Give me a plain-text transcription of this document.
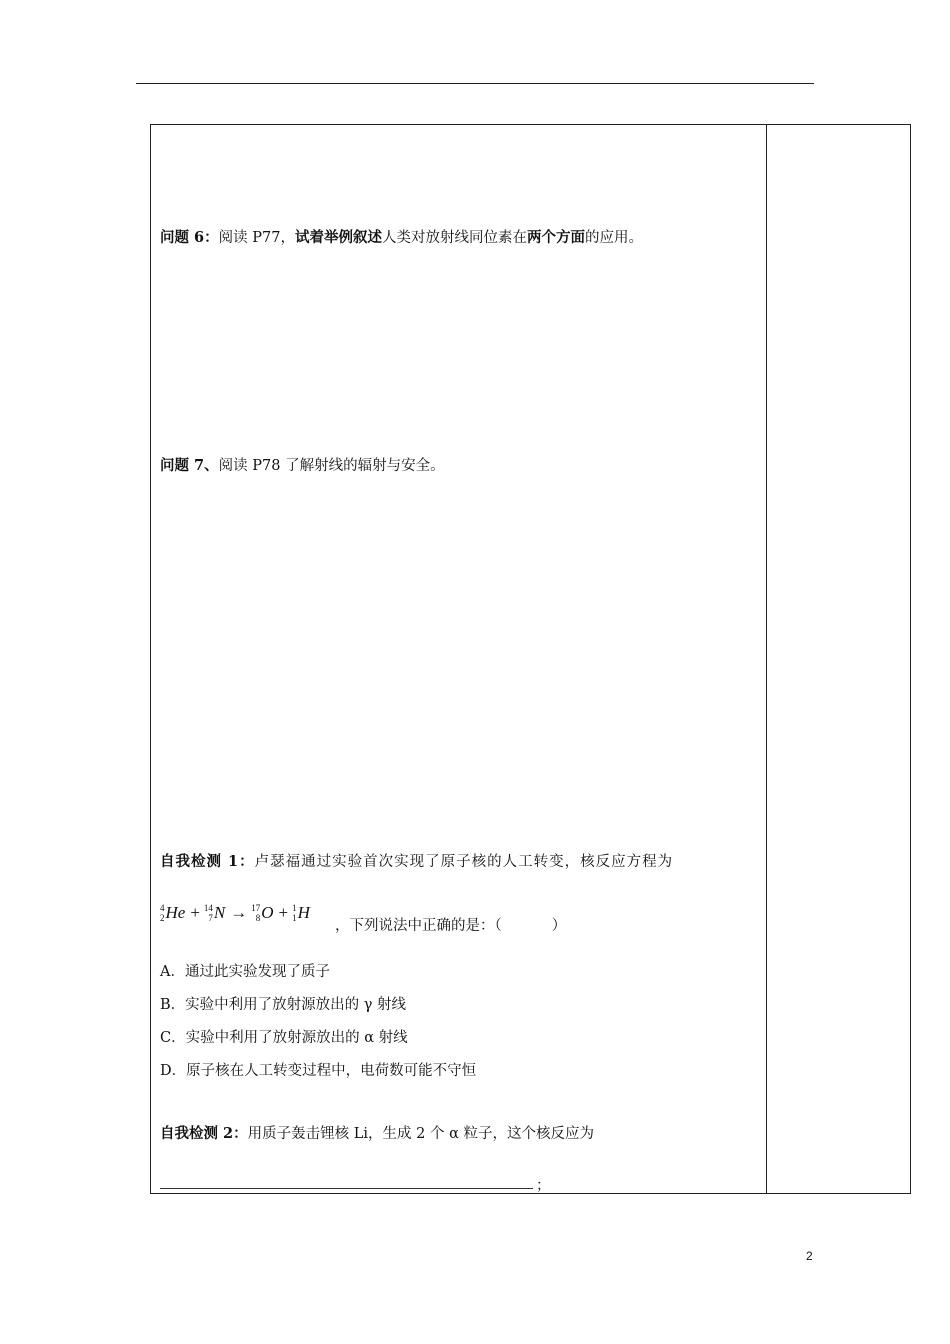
问题 6：阅读 P77，试着举例叙述人类对放射线同位素在两个方面的应用。
问题 7、阅读 P78 了解射线的辐射与安全。
自我检测 1：卢瑟福通过实验首次实现了原子核的人工转变，核反应方程为
4
2 He + 14
7 N → 17
8 O + 1
1 H
，下列说法中正确的是：（	）
A．通过此实验发现了质子
B．实验中利用了放射源放出的 γ 射线
C．实验中利用了放射源放出的 α 射线
D．原子核在人工转变过程中，电荷数可能不守恒
自我检测 2：用质子轰击锂核 Li，生成 2 个 α 粒子，这个核反应为
；
2
